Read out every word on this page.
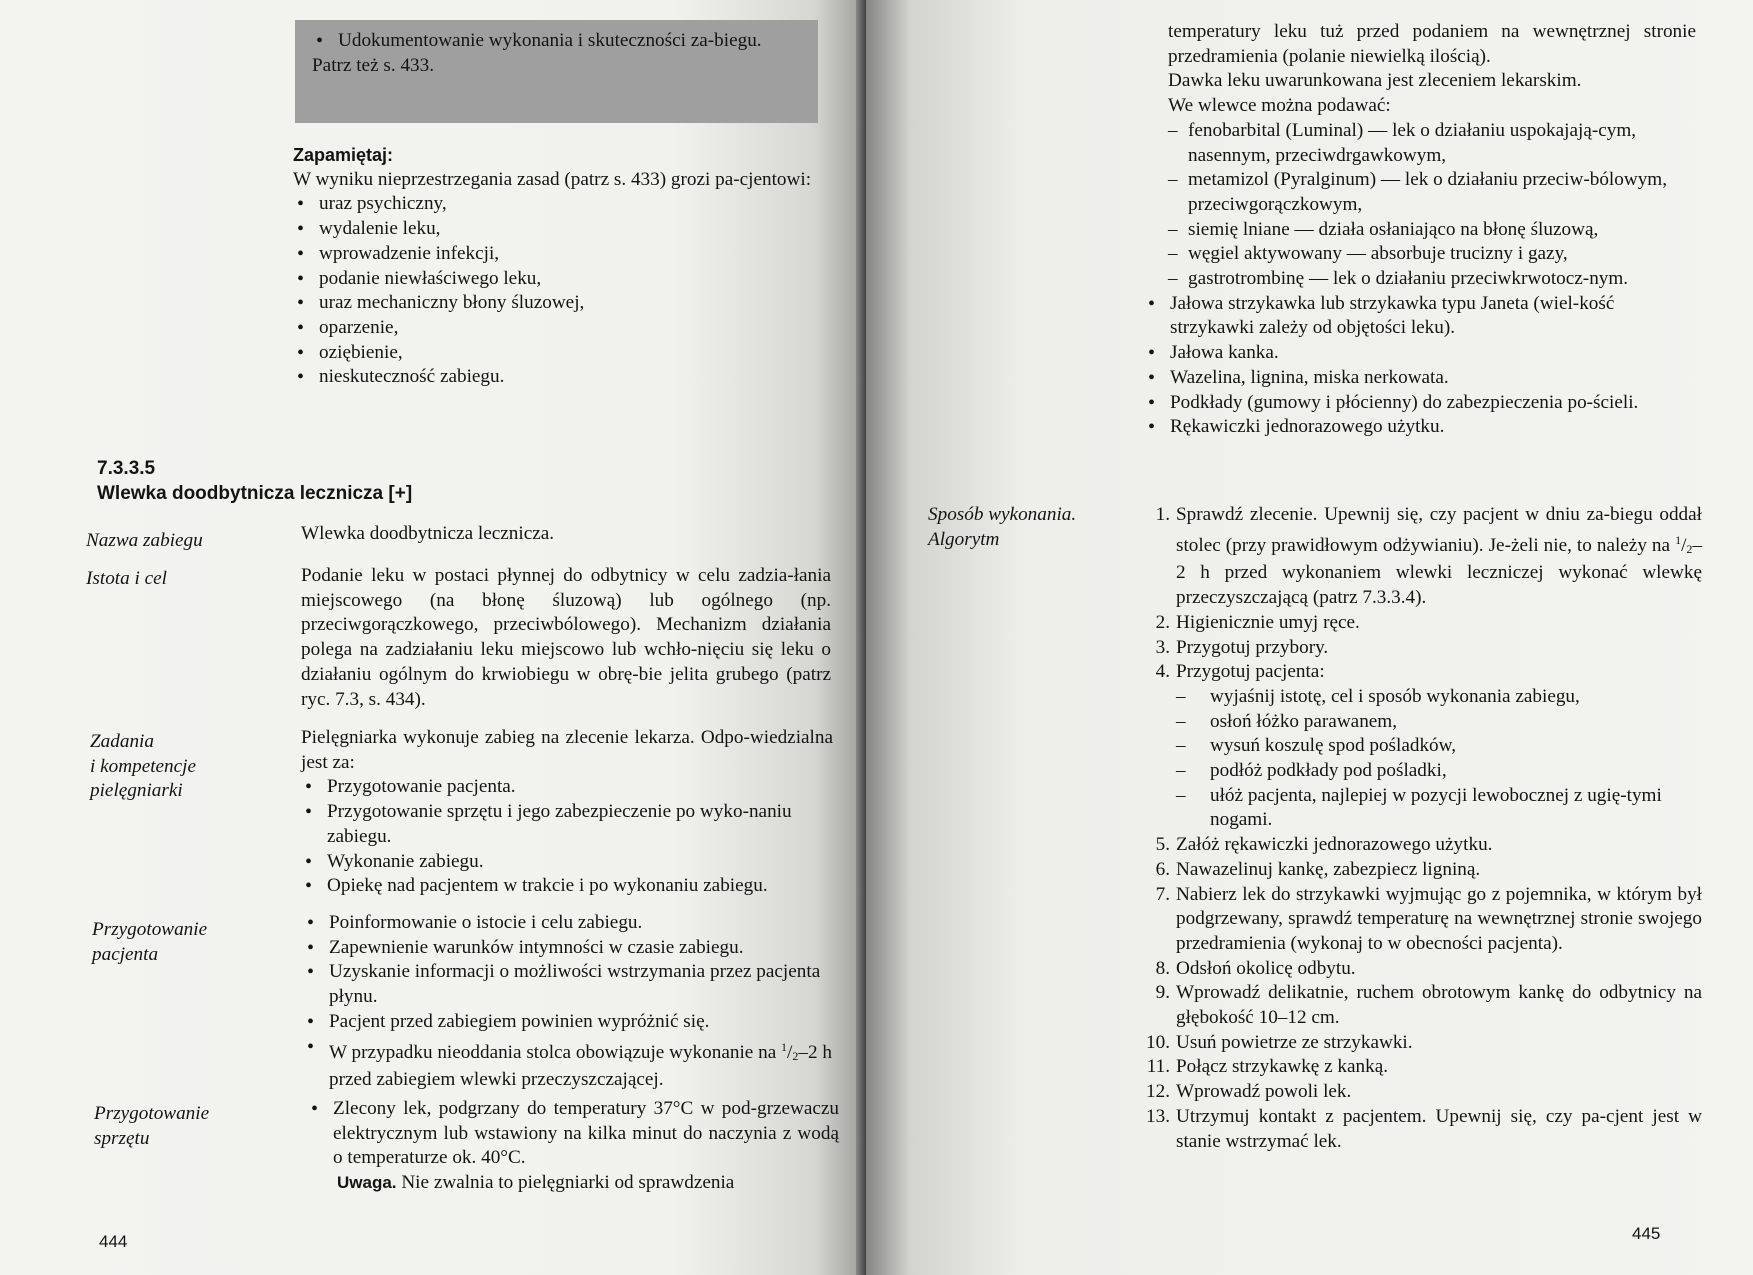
• Udokumentowanie wykonania i skuteczności za-biegu.
Patrz też s. 433.
Zapamiętaj:
W wyniku nieprzestrzegania zasad (patrz s. 433) grozi pa-cjentowi:
• uraz psychiczny,
• wydalenie leku,
• wprowadzenie infekcji,
• podanie niewłaściwego leku,
• uraz mechaniczny błony śluzowej,
• oparzenie,
• oziębienie,
• nieskuteczność zabiegu.
7.3.3.5
Wlewka doodbytnicza lecznicza [+]
Nazwa zabiegu	Wlewka doodbytnicza lecznicza.
Istota i cel	Podanie leku w postaci płynnej do odbytnicy w celu zadzia-łania miejscowego (na błonę śluzową) lub ogólnego (np. przeciwgorączkowego, przeciwbólowego). Mechanizm działania polega na zadziałaniu leku miejscowo lub wchło-nięciu się leku o działaniu ogólnym do krwiobiegu w obrę-bie jelita grubego (patrz ryc. 7.3, s. 434).
Zadania
i kompetencje
pielęgniarki
Pielęgniarka wykonuje zabieg na zlecenie lekarza. Odpo-wiedzialna jest za:
• Przygotowanie pacjenta.
• Przygotowanie sprzętu i jego zabezpieczenie po wyko-naniu zabiegu.
• Wykonanie zabiegu.
• Opiekę nad pacjentem w trakcie i po wykonaniu zabiegu.
Przygotowanie
pacjenta
• Poinformowanie o istocie i celu zabiegu.
• Zapewnienie warunków intymności w czasie zabiegu.
• Uzyskanie informacji o możliwości wstrzymania przez pacjenta płynu.
• Pacjent przed zabiegiem powinien wypróżnić się.
• W przypadku nieoddania stolca obowiązuje wykonanie na $^1/_2-2$ h przed zabiegiem wlewki przeczyszczającej.
Przygotowanie
sprzętu
• Zlecony lek, podgrzany do temperatury 37°C w pod-grzewaczu elektrycznym lub wstawiony na kilka minut do naczynia z wodą o temperaturze ok. 40°C.
Uwaga. Nie zwalnia to pielęgniarki od sprawdzenia
444
temperatury leku tuż przed podaniem na wewnętrznej stronie przedramienia (polanie niewielką ilością).
Dawka leku uwarunkowana jest zleceniem lekarskim.
We wlewce można podawać:
– fenobarbital (Luminal) — lek o działaniu uspokajają-cym, nasennym, przeciwdrgawkowym,
– metamizol (Pyralginum) — lek o działaniu przeciw-bólowym, przeciwgorączkowym,
– siemię lniane — działa osłaniająco na błonę śluzową,
– węgiel aktywowany — absorbuje trucizny i gazy,
– gastrotrombinę — lek o działaniu przeciwkrwotocz-nym.
• Jałowa strzykawka lub strzykawka typu Janeta (wiel-kość strzykawki zależy od objętości leku).
• Jałowa kanka.
• Wazelina, lignina, miska nerkowata.
• Podkłady (gumowy i płócienny) do zabezpieczenia po-ścieli.
• Rękawiczki jednorazowego użytku.
Sposób wykonania.
Algorytm
1. Sprawdź zlecenie. Upewnij się, czy pacjent w dniu za-biegu oddał stolec (przy prawidłowym odżywianiu). Je-żeli nie, to należy na $^1/_2-2$ h przed wykonaniem wlewki leczniczej wykonać wlewkę przeczyszczającą (patrz 7.3.3.4).
2. Higienicznie umyj ręce.
3. Przygotuj przybory.
4. Przygotuj pacjenta:
– wyjaśnij istotę, cel i sposób wykonania zabiegu,
– osłoń łóżko parawanem,
– wysuń koszulę spod pośladków,
– podłóż podkłady pod pośladki,
– ułóż pacjenta, najlepiej w pozycji lewobocznej z ugię-tymi nogami.
5. Załóż rękawiczki jednorazowego użytku.
6. Nawazelinuj kankę, zabezpiecz ligniną.
7. Nabierz lek do strzykawki wyjmując go z pojemnika, w którym był podgrzewany, sprawdź temperaturę na wewnętrznej stronie swojego przedramienia (wykonaj to w obecności pacjenta).
8. Odsłoń okolicę odbytu.
9. Wprowadź delikatnie, ruchem obrotowym kankę do odbytnicy na głębokość 10–12 cm.
10. Usuń powietrze ze strzykawki.
11. Połącz strzykawkę z kanką.
12. Wprowadź powoli lek.
13. Utrzymuj kontakt z pacjentem. Upewnij się, czy pa-cjent jest w stanie wstrzymać lek.
445
